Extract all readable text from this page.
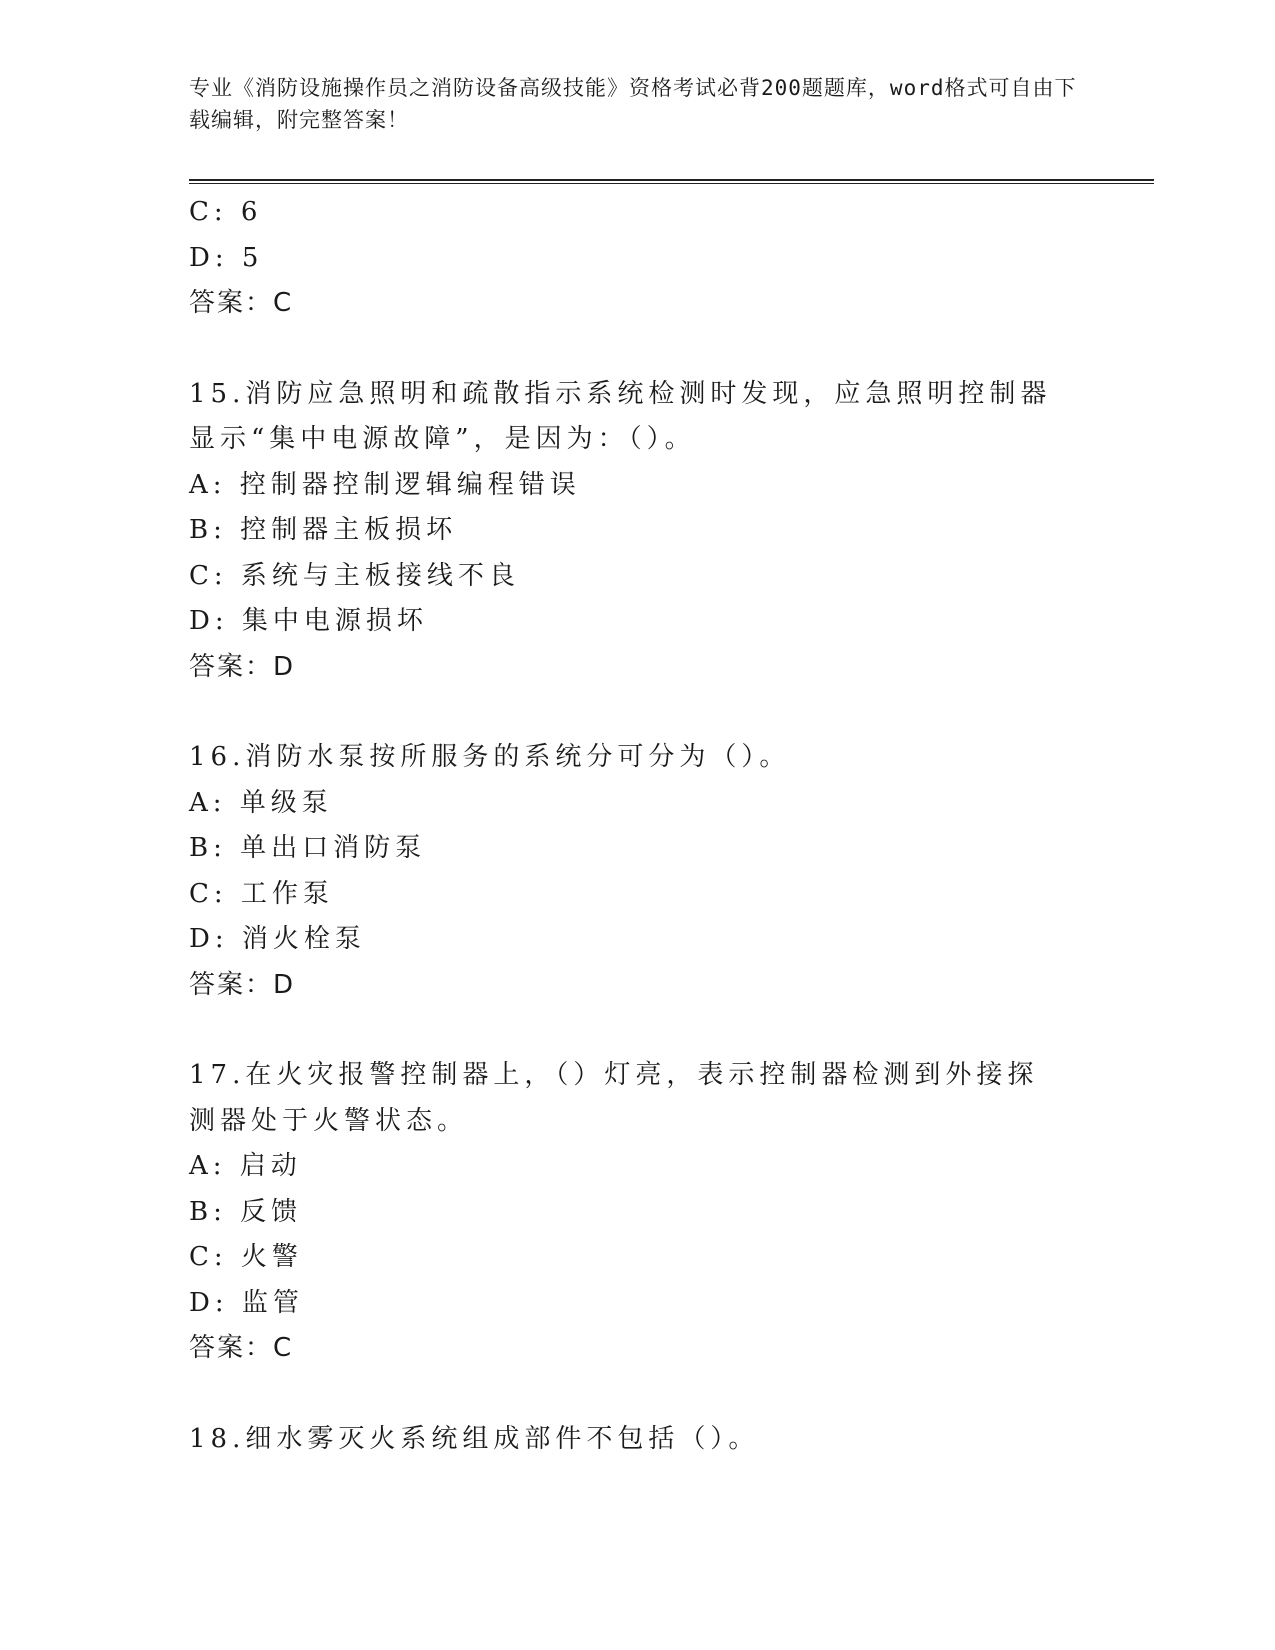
专业《消防设施操作员之消防设备高级技能》资格考试必背200题题库，word格式可自由下载编辑，附完整答案！
C: 6
D: 5
答案：C
15.消防应急照明和疏散指示系统检测时发现，应急照明控制器显示“集中电源故障”，是因为：（）。
A: 控制器控制逻辑编程错误
B: 控制器主板损坏
C: 系统与主板接线不良
D: 集中电源损坏
答案：D
16.消防水泵按所服务的系统分可分为（）。
A: 单级泵
B: 单出口消防泵
C: 工作泵
D: 消火栓泵
答案：D
17.在火灾报警控制器上，（）灯亮，表示控制器检测到外接探测器处于火警状态。
A: 启动
B: 反馈
C: 火警
D: 监管
答案：C
18.细水雾灭火系统组成部件不包括（）。
